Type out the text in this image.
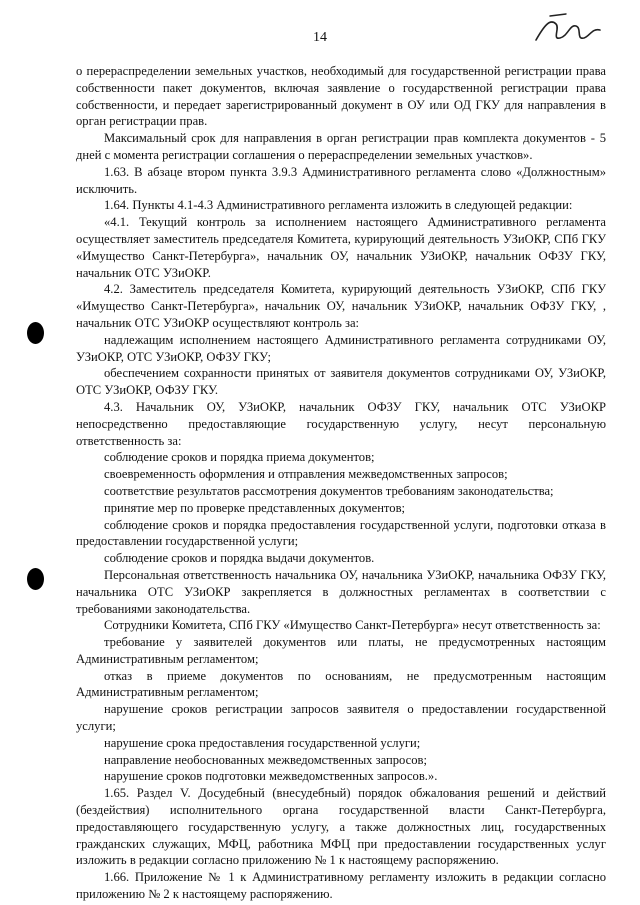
14

о перераспределении земельных участков, необходимый для государственной регистрации права собственности пакет документов, включая заявление о государственной регистрации права собственности, и передает зарегистрированный документ в ОУ или ОД ГКУ для направления в орган регистрации прав.

Максимальный срок для направления в орган регистрации прав комплекта документов - 5 дней с момента регистрации соглашения о перераспределении земельных участков».

1.63. В абзаце втором пункта 3.9.3 Административного регламента слово «Должностным» исключить.

1.64. Пункты 4.1-4.3 Административного регламента изложить в следующей редакции:

«4.1. Текущий контроль за исполнением настоящего Административного регламента осуществляет заместитель председателя Комитета, курирующий деятельность УЗиОКР, СПб ГКУ «Имущество Санкт-Петербурга», начальник ОУ, начальник УЗиОКР, начальник ОФЗУ ГКУ, начальник ОТС УЗиОКР.

4.2. Заместитель председателя Комитета, курирующий деятельность УЗиОКР, СПб ГКУ «Имущество Санкт-Петербурга», начальник ОУ, начальник УЗиОКР, начальник ОФЗУ ГКУ, , начальник ОТС УЗиОКР осуществляют контроль за:

надлежащим исполнением настоящего Административного регламента сотрудниками ОУ, УЗиОКР, ОТС УЗиОКР, ОФЗУ ГКУ;

обеспечением сохранности принятых от заявителя документов сотрудниками ОУ, УЗиОКР, ОТС УЗиОКР, ОФЗУ ГКУ.

4.3. Начальник ОУ, УЗиОКР, начальник ОФЗУ ГКУ, начальник ОТС УЗиОКР непосредственно предоставляющие государственную услугу, несут персональную ответственность за:

соблюдение сроков и порядка приема документов;

своевременность оформления и отправления межведомственных запросов;

соответствие результатов рассмотрения документов требованиям законодательства;

принятие мер по проверке представленных документов;

соблюдение сроков и порядка предоставления государственной услуги, подготовки отказа в предоставлении государственной услуги;

соблюдение сроков и порядка выдачи документов.

Персональная ответственность начальника ОУ, начальника УЗиОКР, начальника ОФЗУ ГКУ, начальника ОТС УЗиОКР закрепляется в должностных регламентах в соответствии с требованиями законодательства.

Сотрудники Комитета, СПб ГКУ «Имущество Санкт-Петербурга» несут ответственность за:

требование у заявителей документов или платы, не предусмотренных настоящим Административным регламентом;

отказ в приеме документов по основаниям, не предусмотренным настоящим Административным регламентом;

нарушение сроков регистрации запросов заявителя о предоставлении государственной услуги;

нарушение срока предоставления государственной услуги;

направление необоснованных межведомственных запросов;

нарушение сроков подготовки межведомственных запросов.».

1.65. Раздел V. Досудебный (внесудебный) порядок обжалования решений и действий (бездействия) исполнительного органа государственной власти Санкт-Петербурга, предоставляющего государственную услугу, а также должностных лиц, государственных гражданских служащих, МФЦ, работника МФЦ при предоставлении государственных услуг изложить в редакции согласно приложению № 1 к настоящему распоряжению.

1.66. Приложение № 1 к Административному регламенту изложить в редакции согласно приложению № 2 к настоящему распоряжению.
